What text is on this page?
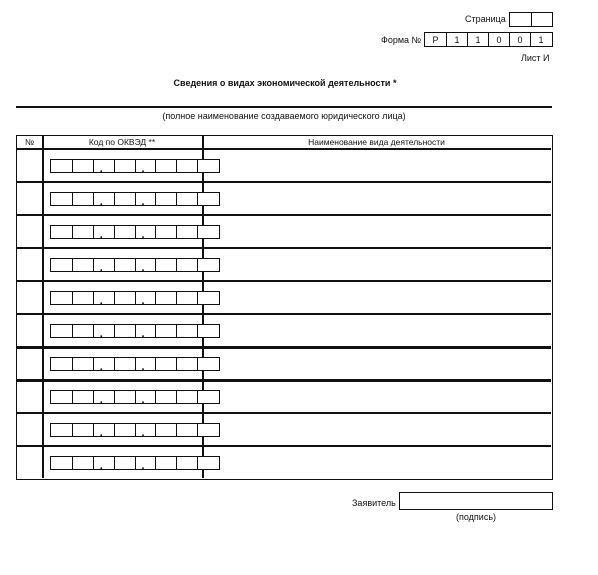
Страница
Форма №	Р	1	1	0	0	1
Лист И
Сведения о видах экономической деятельности *
(полное наименование создаваемого юридического лица)
№	Код по ОКВЭД **	Наименование вида деятельности
.	.
.	.
.	.
.	.
.	.
.	.
.	.
.	.
.	.
.	.
Заявитель
(подпись)
